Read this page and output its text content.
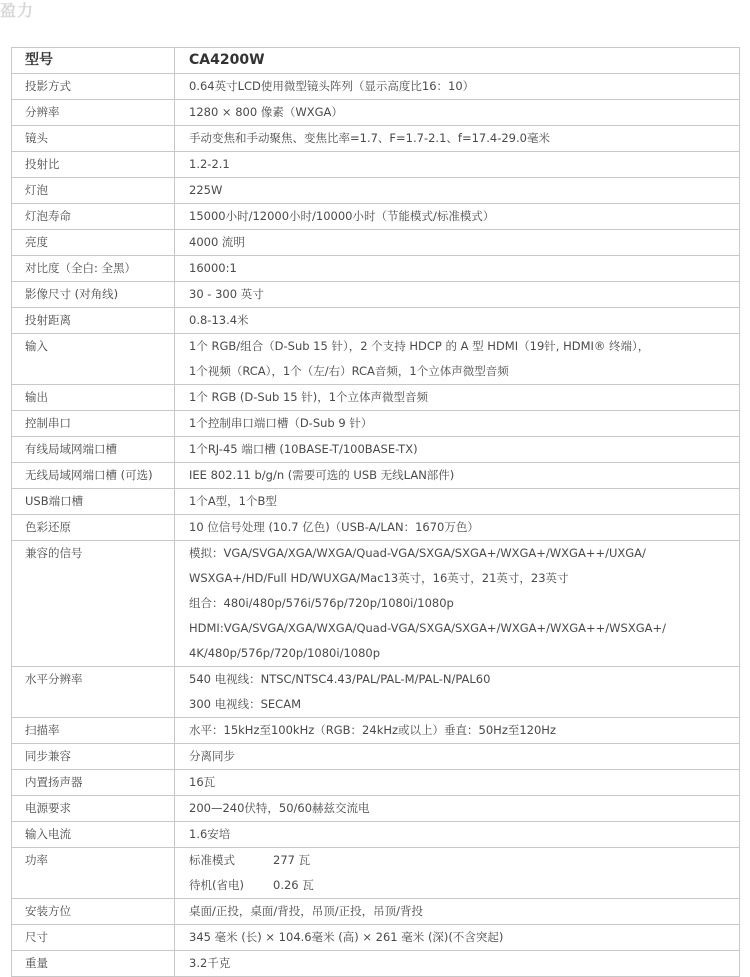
盈力
型号	CA4200W
投影方式	0.64英寸LCD使用微型镜头阵列（显示高度比16：10）

分辨率	1280 × 800 像素（WXGA）

镜头	手动变焦和手动聚焦、变焦比率=1.7、F=1.7-2.1、f=17.4-29.0毫米

投射比	1.2-2.1

灯泡	225W

灯泡寿命	15000小时/12000小时/10000小时（节能模式/标准模式）

亮度	4000 流明

对比度（全白: 全黑）	16000:1

影像尺寸 (对角线)	30 - 300 英寸

投射距离	0.8-13.4米

输入	1个 RGB/组合（D-Sub 15 针），2 个支持 HDCP 的 A 型 HDMI（19针, HDMI® 终端），
1个视频（RCA），1个（左/右）RCA音频，1个立体声微型音频

输出	1个 RGB (D-Sub 15 针)，1个立体声微型音频

控制串口	1个控制串口端口槽（D-Sub 9 针）

有线局域网端口槽	1个RJ-45 端口槽 (10BASE-T/100BASE-TX)

无线局域网端口槽 (可选)	IEE 802.11 b/g/n (需要可选的 USB 无线LAN部件)

USB端口槽	1个A型，1个B型

色彩还原	10 位信号处理 (10.7 亿色)（USB-A/LAN：1670万色）

兼容的信号	模拟：VGA/SVGA/XGA/WXGA/Quad-VGA/SXGA/SXGA+/WXGA+/WXGA++/UXGA/
WSXGA+/HD/Full HD/WUXGA/Mac13英寸，16英寸，21英寸，23英寸
组合：480i/480p/576i/576p/720p/1080i/1080p
HDMI:VGA/SVGA/XGA/WXGA/Quad-VGA/SXGA/SXGA+/WXGA+/WXGA++/WSXGA+/
4K/480p/576p/720p/1080i/1080p

水平分辨率	540 电视线：NTSC/NTSC4.43/PAL/PAL-M/PAL-N/PAL60
300 电视线：SECAM

扫描率	水平：15kHz至100kHz（RGB：24kHz或以上）垂直：50Hz至120Hz

同步兼容	分离同步

内置扬声器	16瓦

电源要求	200—240伏特，50/60赫兹交流电

输入电流	1.6安培

功率	标准模式 277 瓦
待机(省电) 0.26 瓦

安装方位	桌面/正投，桌面/背投，吊顶/正投，吊顶/背投

尺寸	345 毫米 (长) × 104.6毫米 (高) × 261 毫米 (深)(不含突起)

重量	3.2千克
